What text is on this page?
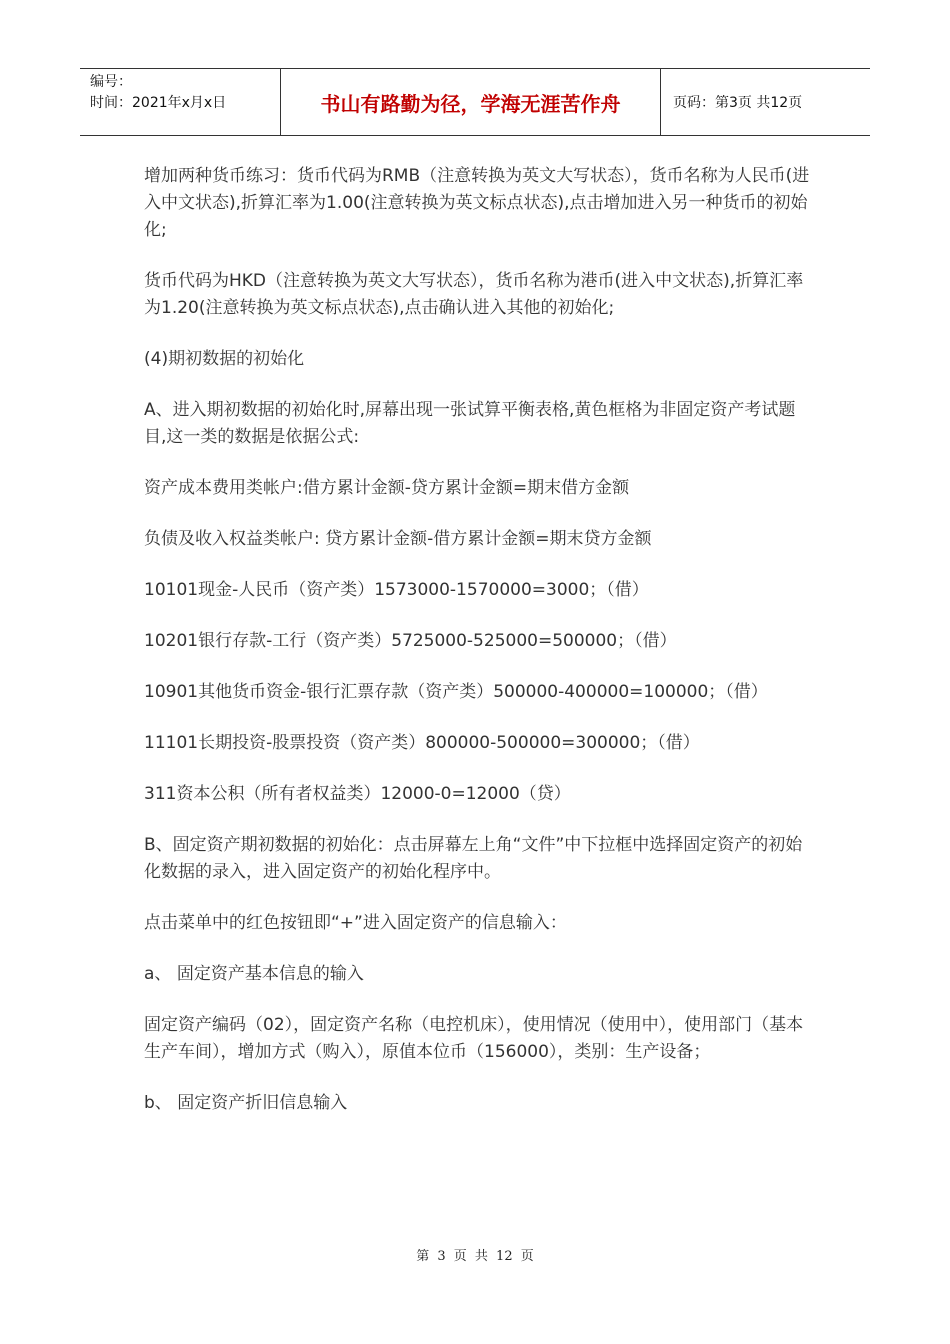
编号：
时间：2021年x月x日	书山有路勤为径，学海无涯苦作舟	页码：第3页 共12页

增加两种货币练习：货币代码为RMB（注意转换为英文大写状态），货币名称为人民币(进入中文状态),折算汇率为1.00(注意转换为英文标点状态),点击增加进入另一种货币的初始化;

货币代码为HKD（注意转换为英文大写状态），货币名称为港币(进入中文状态),折算汇率为1.20(注意转换为英文标点状态),点击确认进入其他的初始化;

(4)期初数据的初始化

A、进入期初数据的初始化时,屏幕出现一张试算平衡表格,黄色框格为非固定资产考试题目,这一类的数据是依据公式:

资产成本费用类帐户:借方累计金额-贷方累计金额=期末借方金额

负债及收入权益类帐户: 贷方累计金额-借方累计金额=期末贷方金额

10101现金-人民币（资产类）1573000-1570000=3000；（借）

10201银行存款-工行（资产类）5725000-525000=500000；（借）

10901其他货币资金-银行汇票存款（资产类）500000-400000=100000；（借）

11101长期投资-股票投资（资产类）800000-500000=300000；（借）

311资本公积（所有者权益类）12000-0=12000（贷）

B、固定资产期初数据的初始化：点击屏幕左上角“文件”中下拉框中选择固定资产的初始化数据的录入，进入固定资产的初始化程序中。

点击菜单中的红色按钮即“+”进入固定资产的信息输入：

a、 固定资产基本信息的输入

固定资产编码（02），固定资产名称（电控机床），使用情况（使用中），使用部门（基本生产车间），增加方式（购入），原值本位币（156000），类别：生产设备；

b、 固定资产折旧信息输入

第 3 页 共 12 页
